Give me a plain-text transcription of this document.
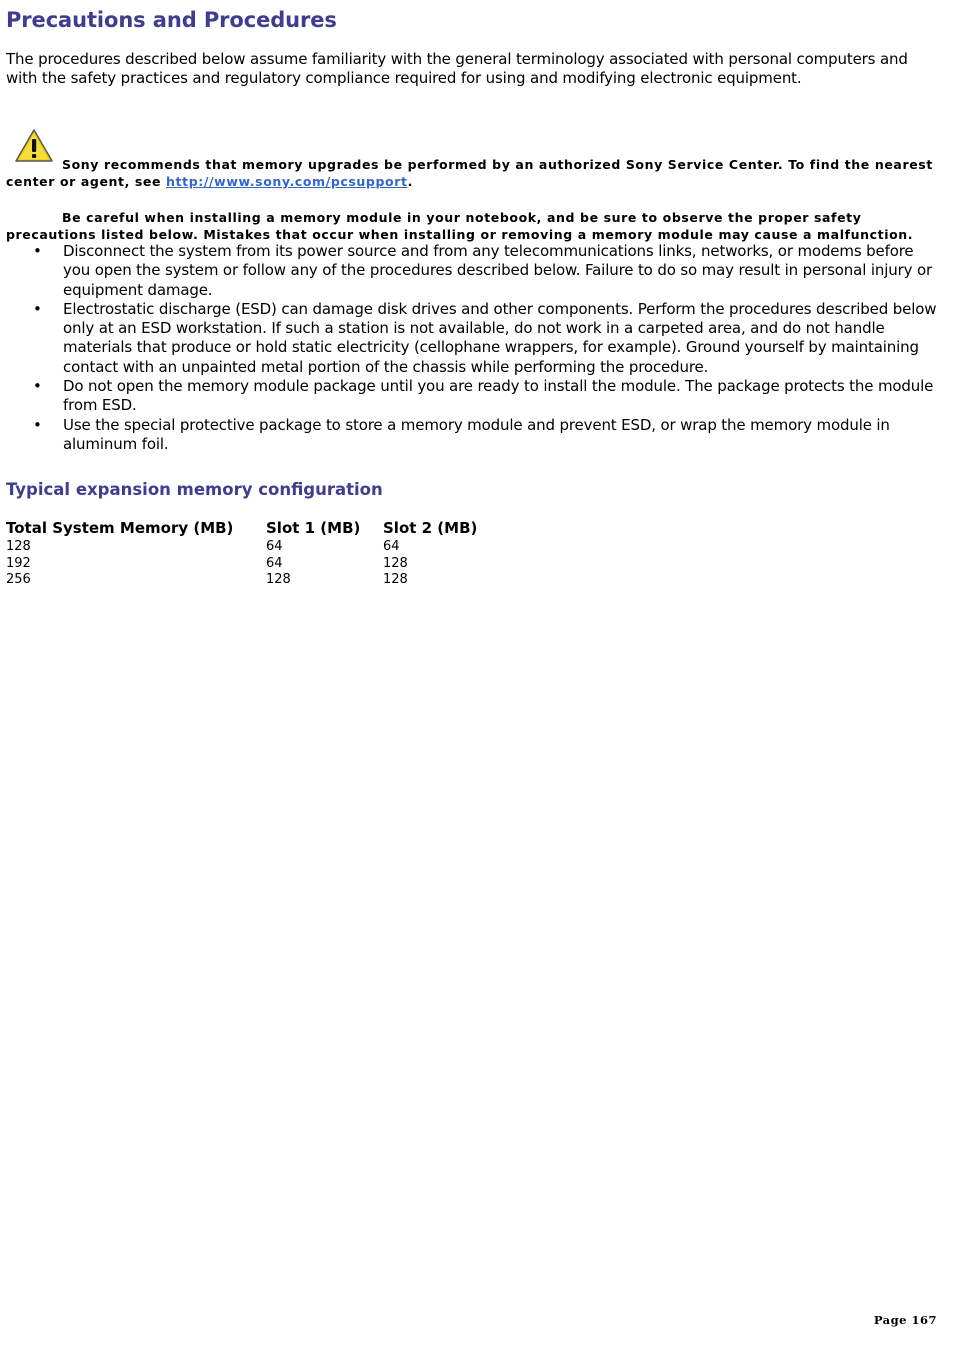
Precautions and Procedures

The procedures described below assume familiarity with the general terminology associated with personal computers and with the safety practices and regulatory compliance required for using and modifying electronic equipment.

Sony recommends that memory upgrades be performed by an authorized Sony Service Center. To find the nearest center or agent, see http://www.sony.com/pcsupport.

Be careful when installing a memory module in your notebook, and be sure to observe the proper safety precautions listed below. Mistakes that occur when installing or removing a memory module may cause a malfunction.

• Disconnect the system from its power source and from any telecommunications links, networks, or modems before you open the system or follow any of the procedures described below. Failure to do so may result in personal injury or equipment damage.
• Electrostatic discharge (ESD) can damage disk drives and other components. Perform the procedures described below only at an ESD workstation. If such a station is not available, do not work in a carpeted area, and do not handle materials that produce or hold static electricity (cellophane wrappers, for example). Ground yourself by maintaining contact with an unpainted metal portion of the chassis while performing the procedure.
• Do not open the memory module package until you are ready to install the module. The package protects the module from ESD.
• Use the special protective package to store a memory module and prevent ESD, or wrap the memory module in aluminum foil.
Typical expansion memory configuration
Total System Memory (MB)	Slot 1 (MB)	Slot 2 (MB)
128	64	64
192	64	128
256	128	128
Page 167
